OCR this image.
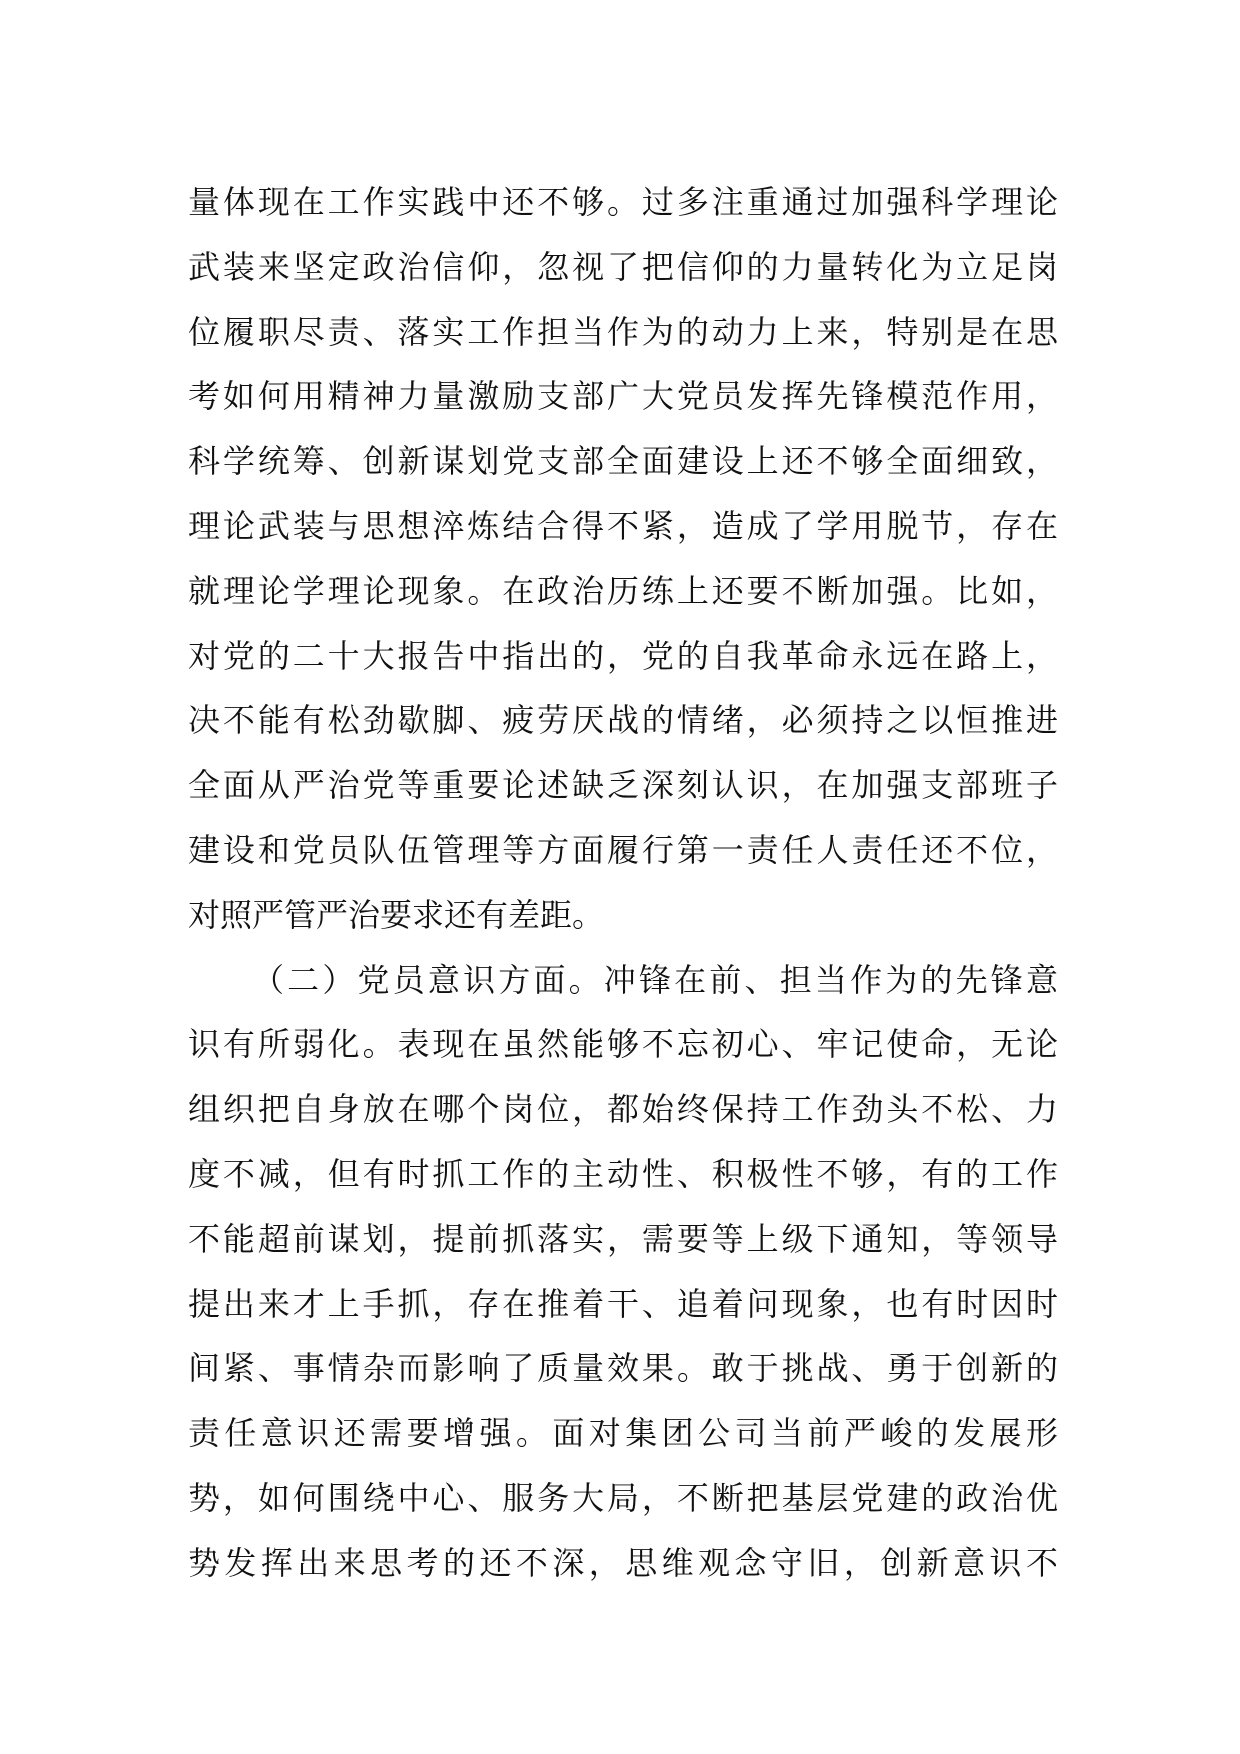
量体现在工作实践中还不够。过多注重通过加强科学理论
武装来坚定政治信仰，忽视了把信仰的力量转化为立足岗
位履职尽责、落实工作担当作为的动力上来，特别是在思
考如何用精神力量激励支部广大党员发挥先锋模范作用，
科学统筹、创新谋划党支部全面建设上还不够全面细致，
理论武装与思想淬炼结合得不紧，造成了学用脱节，存在
就理论学理论现象。在政治历练上还要不断加强。比如，
对党的二十大报告中指出的，党的自我革命永远在路上，
决不能有松劲歇脚、疲劳厌战的情绪，必须持之以恒推进
全面从严治党等重要论述缺乏深刻认识，在加强支部班子
建设和党员队伍管理等方面履行第一责任人责任还不位，
对照严管严治要求还有差距。
（二）党员意识方面。冲锋在前、担当作为的先锋意
识有所弱化。表现在虽然能够不忘初心、牢记使命，无论
组织把自身放在哪个岗位，都始终保持工作劲头不松、力
度不减，但有时抓工作的主动性、积极性不够，有的工作
不能超前谋划，提前抓落实，需要等上级下通知，等领导
提出来才上手抓，存在推着干、追着问现象，也有时因时
间紧、事情杂而影响了质量效果。敢于挑战、勇于创新的
责任意识还需要增强。面对集团公司当前严峻的发展形
势，如何围绕中心、服务大局，不断把基层党建的政治优
势发挥出来思考的还不深，思维观念守旧，创新意识不
